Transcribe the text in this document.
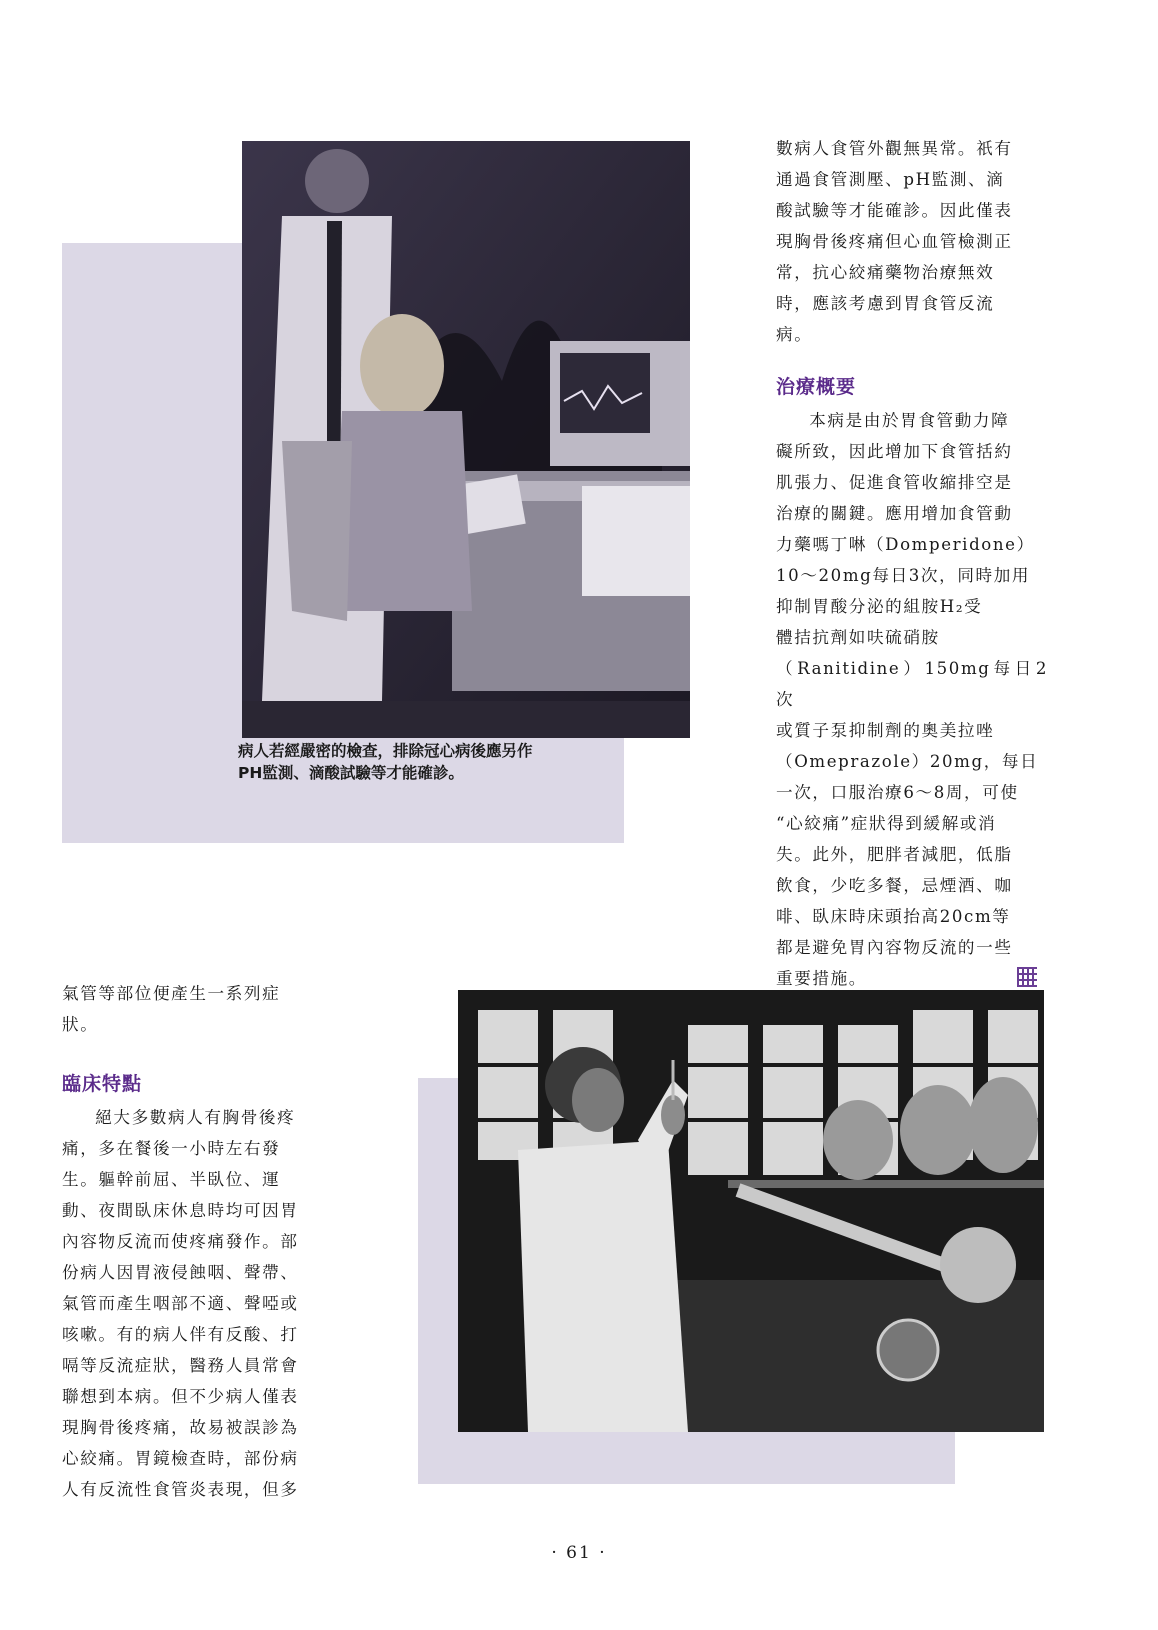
病人若經嚴密的檢查，排除冠心病後應另作
PH監測、滴酸試驗等才能確診。

數病人食管外觀無異常。祇有

通過食管測壓、pH監測、滴

酸試驗等才能確診。因此僅表

現胸骨後疼痛但心血管檢測正

常，抗心絞痛藥物治療無效

時，應該考慮到胃食管反流

病。

治療概要

本病是由於胃食管動力障

礙所致，因此增加下食管括約

肌張力、促進食管收縮排空是

治療的關鍵。應用增加食管動

力藥嗎丁啉（Domperidone）

10～20mg每日3次，同時加用

抑制胃酸分泌的組胺H₂受

體拮抗劑如呋硫硝胺

（Ranitidine）150mg每日2次

或質子泵抑制劑的奧美拉唑

（Omeprazole）20mg，每日

一次，口服治療6～8周，可使

“心絞痛”症狀得到緩解或消

失。此外，肥胖者減肥，低脂

飲食，少吃多餐，忌煙酒、咖

啡、臥床時床頭抬高20cm等

都是避免胃內容物反流的一些

重要措施。

氣管等部位便產生一系列症

狀。

臨床特點

絕大多數病人有胸骨後疼

痛，多在餐後一小時左右發

生。軀幹前屈、半臥位、運

動、夜間臥床休息時均可因胃

內容物反流而使疼痛發作。部

份病人因胃液侵蝕咽、聲帶、

氣管而產生咽部不適、聲啞或

咳嗽。有的病人伴有反酸、打

嗝等反流症狀，醫務人員常會

聯想到本病。但不少病人僅表

現胸骨後疼痛，故易被誤診為

心絞痛。胃鏡檢查時，部份病

人有反流性食管炎表現，但多

· 61 ·
